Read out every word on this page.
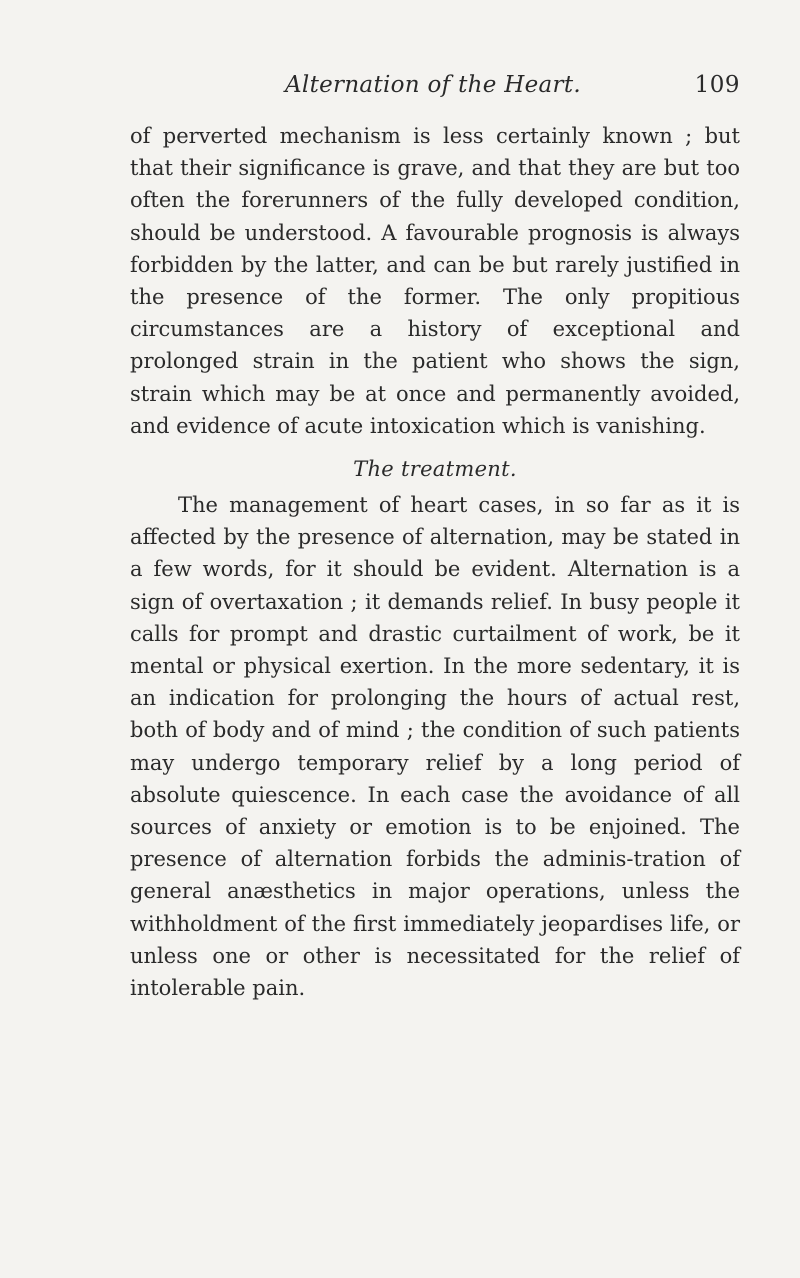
Alternation of the Heart.	109

of perverted mechanism is less certainly known ; but that their significance is grave, and that they are but too often the forerunners of the fully developed condition, should be understood. A favourable prognosis is always forbidden by the latter, and can be but rarely justified in the presence of the former. The only propitious circumstances are a history of exceptional and prolonged strain in the patient who shows the sign, strain which may be at once and permanently avoided, and evidence of acute intoxication which is vanishing.

The treatment.

The management of heart cases, in so far as it is affected by the presence of alternation, may be stated in a few words, for it should be evident. Alternation is a sign of overtaxation ; it demands relief. In busy people it calls for prompt and drastic curtailment of work, be it mental or physical exertion. In the more sedentary, it is an indication for prolonging the hours of actual rest, both of body and of mind ; the condition of such patients may undergo temporary relief by a long period of absolute quiescence. In each case the avoidance of all sources of anxiety or emotion is to be enjoined. The presence of alternation forbids the adminis-tration of general anæsthetics in major operations, unless the withholdment of the first immediately jeopardises life, or unless one or other is necessitated for the relief of intolerable pain.
